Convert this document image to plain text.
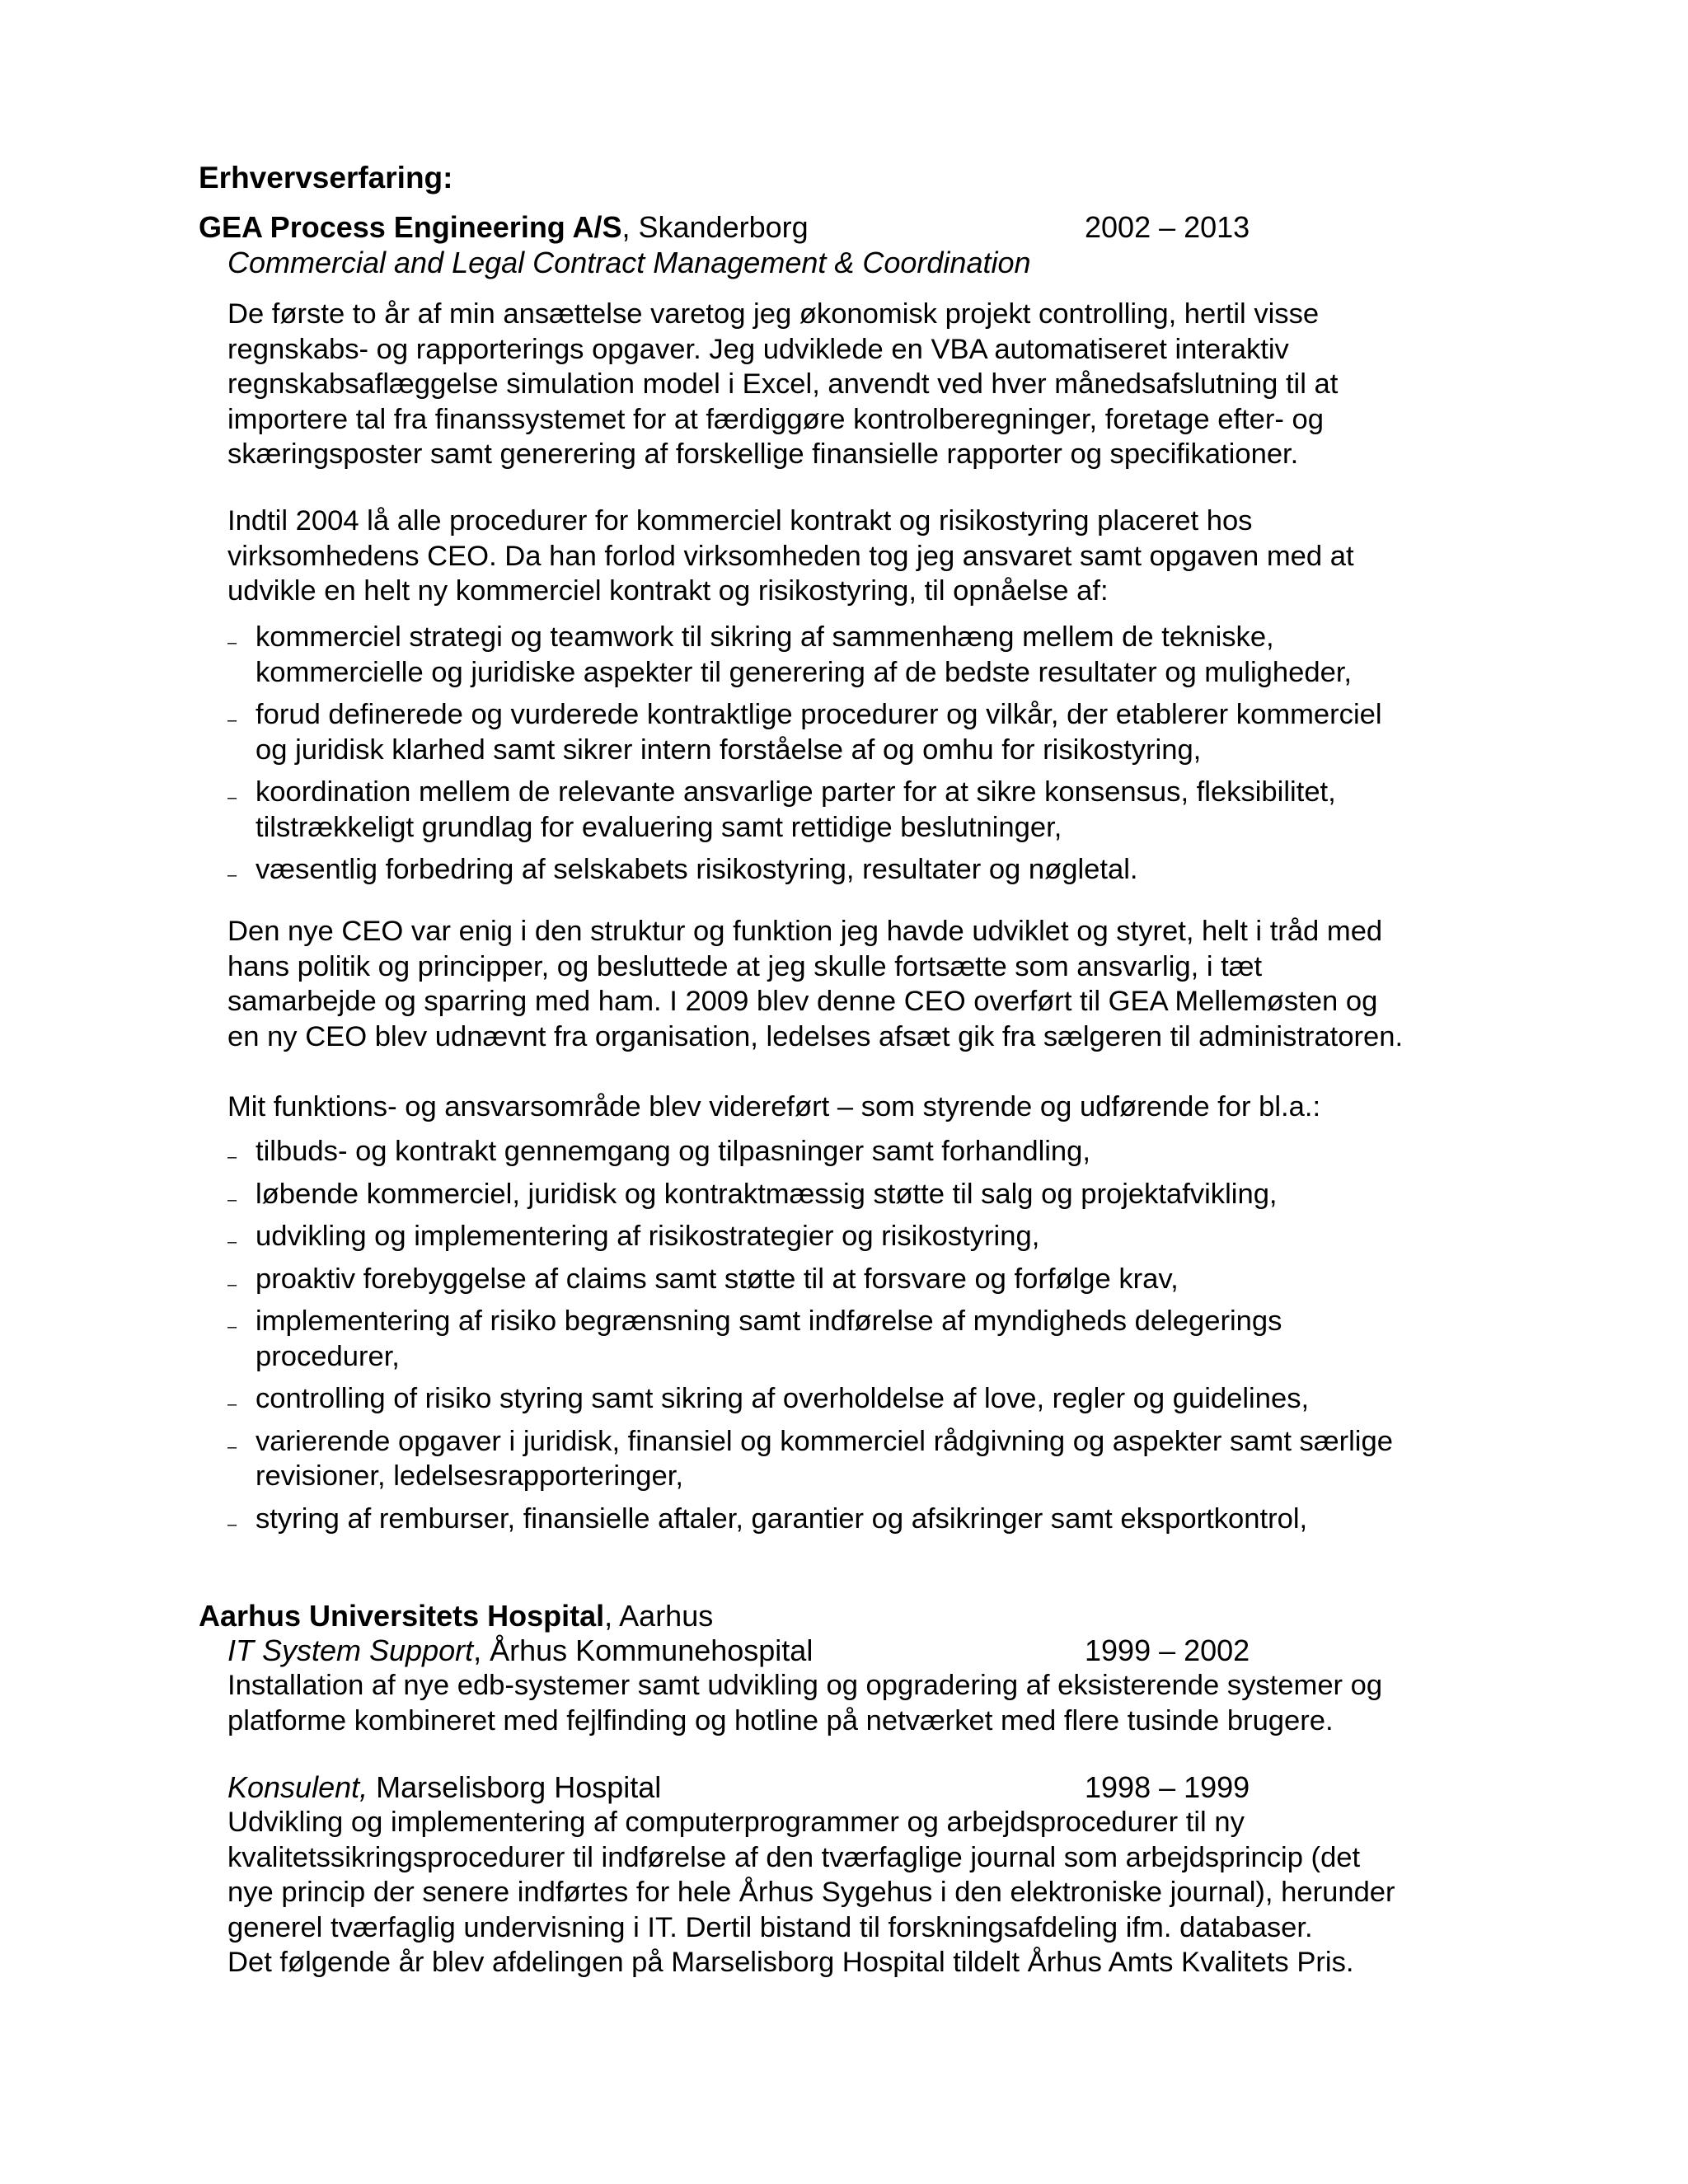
Erhvervserfaring:
GEA Process Engineering A/S, Skanderborg	2002 – 2013
Commercial and Legal Contract Management & Coordination
De første to år af min ansættelse varetog jeg økonomisk projekt controlling, hertil visse
regnskabs- og rapporterings opgaver. Jeg udviklede en VBA automatiseret interaktiv
regnskabsaflæggelse simulation model i Excel, anvendt ved hver månedsafslutning til at
importere tal fra finanssystemet for at færdiggøre kontrolberegninger, foretage efter- og
skæringsposter samt generering af forskellige finansielle rapporter og specifikationer.
Indtil 2004 lå alle procedurer for kommerciel kontrakt og risikostyring placeret hos
virksomhedens CEO. Da han forlod virksomheden tog jeg ansvaret samt opgaven med at
udvikle en helt ny kommerciel kontrakt og risikostyring, til opnåelse af:
– kommerciel strategi og teamwork til sikring af sammenhæng mellem de tekniske,
kommercielle og juridiske aspekter til generering af de bedste resultater og muligheder,
– forud definerede og vurderede kontraktlige procedurer og vilkår, der etablerer kommerciel
og juridisk klarhed samt sikrer intern forståelse af og omhu for risikostyring,
– koordination mellem de relevante ansvarlige parter for at sikre konsensus, fleksibilitet,
tilstrækkeligt grundlag for evaluering samt rettidige beslutninger,
– væsentlig forbedring af selskabets risikostyring, resultater og nøgletal.
Den nye CEO var enig i den struktur og funktion jeg havde udviklet og styret, helt i tråd med
hans politik og principper, og besluttede at jeg skulle fortsætte som ansvarlig, i tæt
samarbejde og sparring med ham. I 2009 blev denne CEO overført til GEA Mellemøsten og
en ny CEO blev udnævnt fra organisation, ledelses afsæt gik fra sælgeren til administratoren.
Mit funktions- og ansvarsområde blev videreført – som styrende og udførende for bl.a.:
– tilbuds- og kontrakt gennemgang og tilpasninger samt forhandling,
– løbende kommerciel, juridisk og kontraktmæssig støtte til salg og projektafvikling,
– udvikling og implementering af risikostrategier og risikostyring,
– proaktiv forebyggelse af claims samt støtte til at forsvare og forfølge krav,
– implementering af risiko begrænsning samt indførelse af myndigheds delegerings
procedurer,
– controlling of risiko styring samt sikring af overholdelse af love, regler og guidelines,
– varierende opgaver i juridisk, finansiel og kommerciel rådgivning og aspekter samt særlige
revisioner, ledelsesrapporteringer,
– styring af remburser, finansielle aftaler, garantier og afsikringer samt eksportkontrol,
Aarhus Universitets Hospital, Aarhus
IT System Support, Århus Kommunehospital	1999 – 2002
Installation af nye edb-systemer samt udvikling og opgradering af eksisterende systemer og
platforme kombineret med fejlfinding og hotline på netværket med flere tusinde brugere.
Konsulent, Marselisborg Hospital	1998 – 1999
Udvikling og implementering af computerprogrammer og arbejdsprocedurer til ny
kvalitetssikringsprocedurer til indførelse af den tværfaglige journal som arbejdsprincip (det
nye princip der senere indførtes for hele Århus Sygehus i den elektroniske journal), herunder
generel tværfaglig undervisning i IT. Dertil bistand til forskningsafdeling ifm. databaser.
Det følgende år blev afdelingen på Marselisborg Hospital tildelt Århus Amts Kvalitets Pris.
